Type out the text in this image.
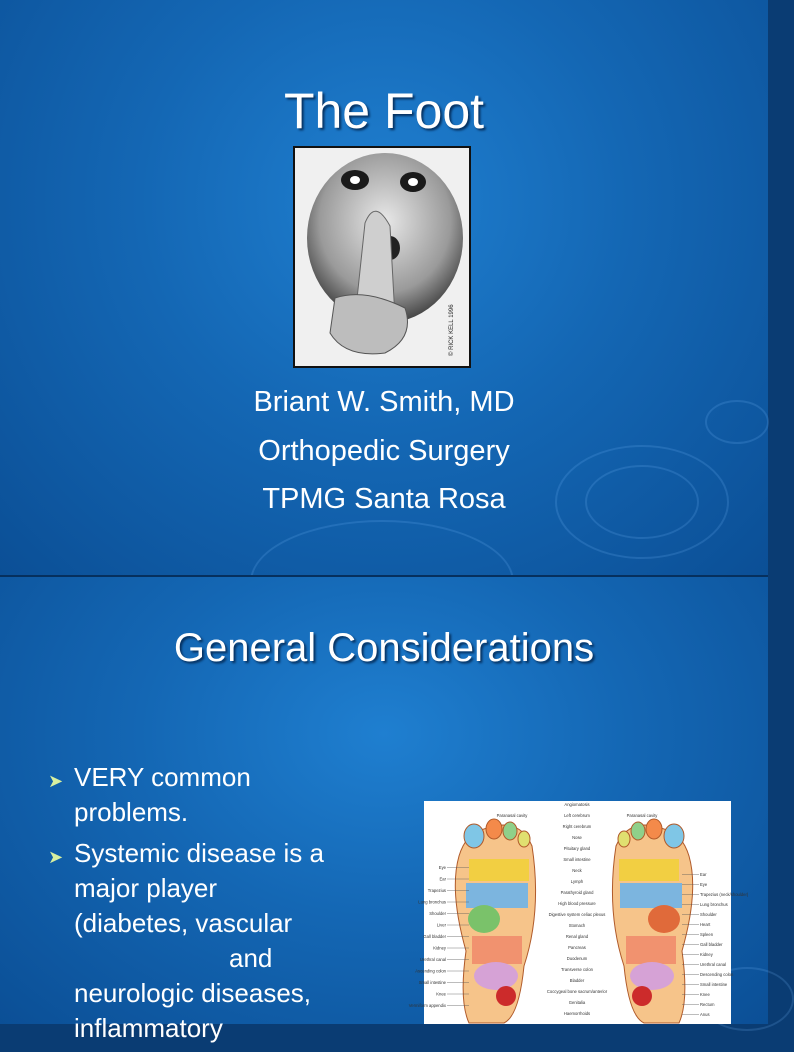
The Foot
© RICK KELL 1996
Briant W. Smith, MD
Orthopedic Surgery
TPMG Santa Rosa
General Considerations
➤ VERY common
problems.
➤ Systemic disease is a
major player
(diabetes, vascular
and
neurologic diseases,
inflammatory
Paranasal cavity	Paranasal cavity
Angiomatosis
Left cerebrum
Right cerebrum
Nose
Pituitary gland
Small intestine
Neck
Lymph
Parathyroid gland
High blood pressure
Digestive system celiac plexus
Stomach
Renal gland
Pancreas
Duodenum
Transverse colon
Bladder
Coccygeal bone sacrum/anterior
Genitalia
Haemorrhoids
Eye
Ear
Trapezius
Lung bronchus
Shoulder
Liver
Gall bladder
Kidney
Urethral canal
Ascending colon
Small intestine
Knee
Vermiform appendix
Ear
Eye
Trapezius (neck/shoulder)
Lung bronchus
Shoulder
Heart
Spleen
Gall bladder
Kidney
Urethral canal
Descending colon
Small intestine
Knee
Rectum
Anus
